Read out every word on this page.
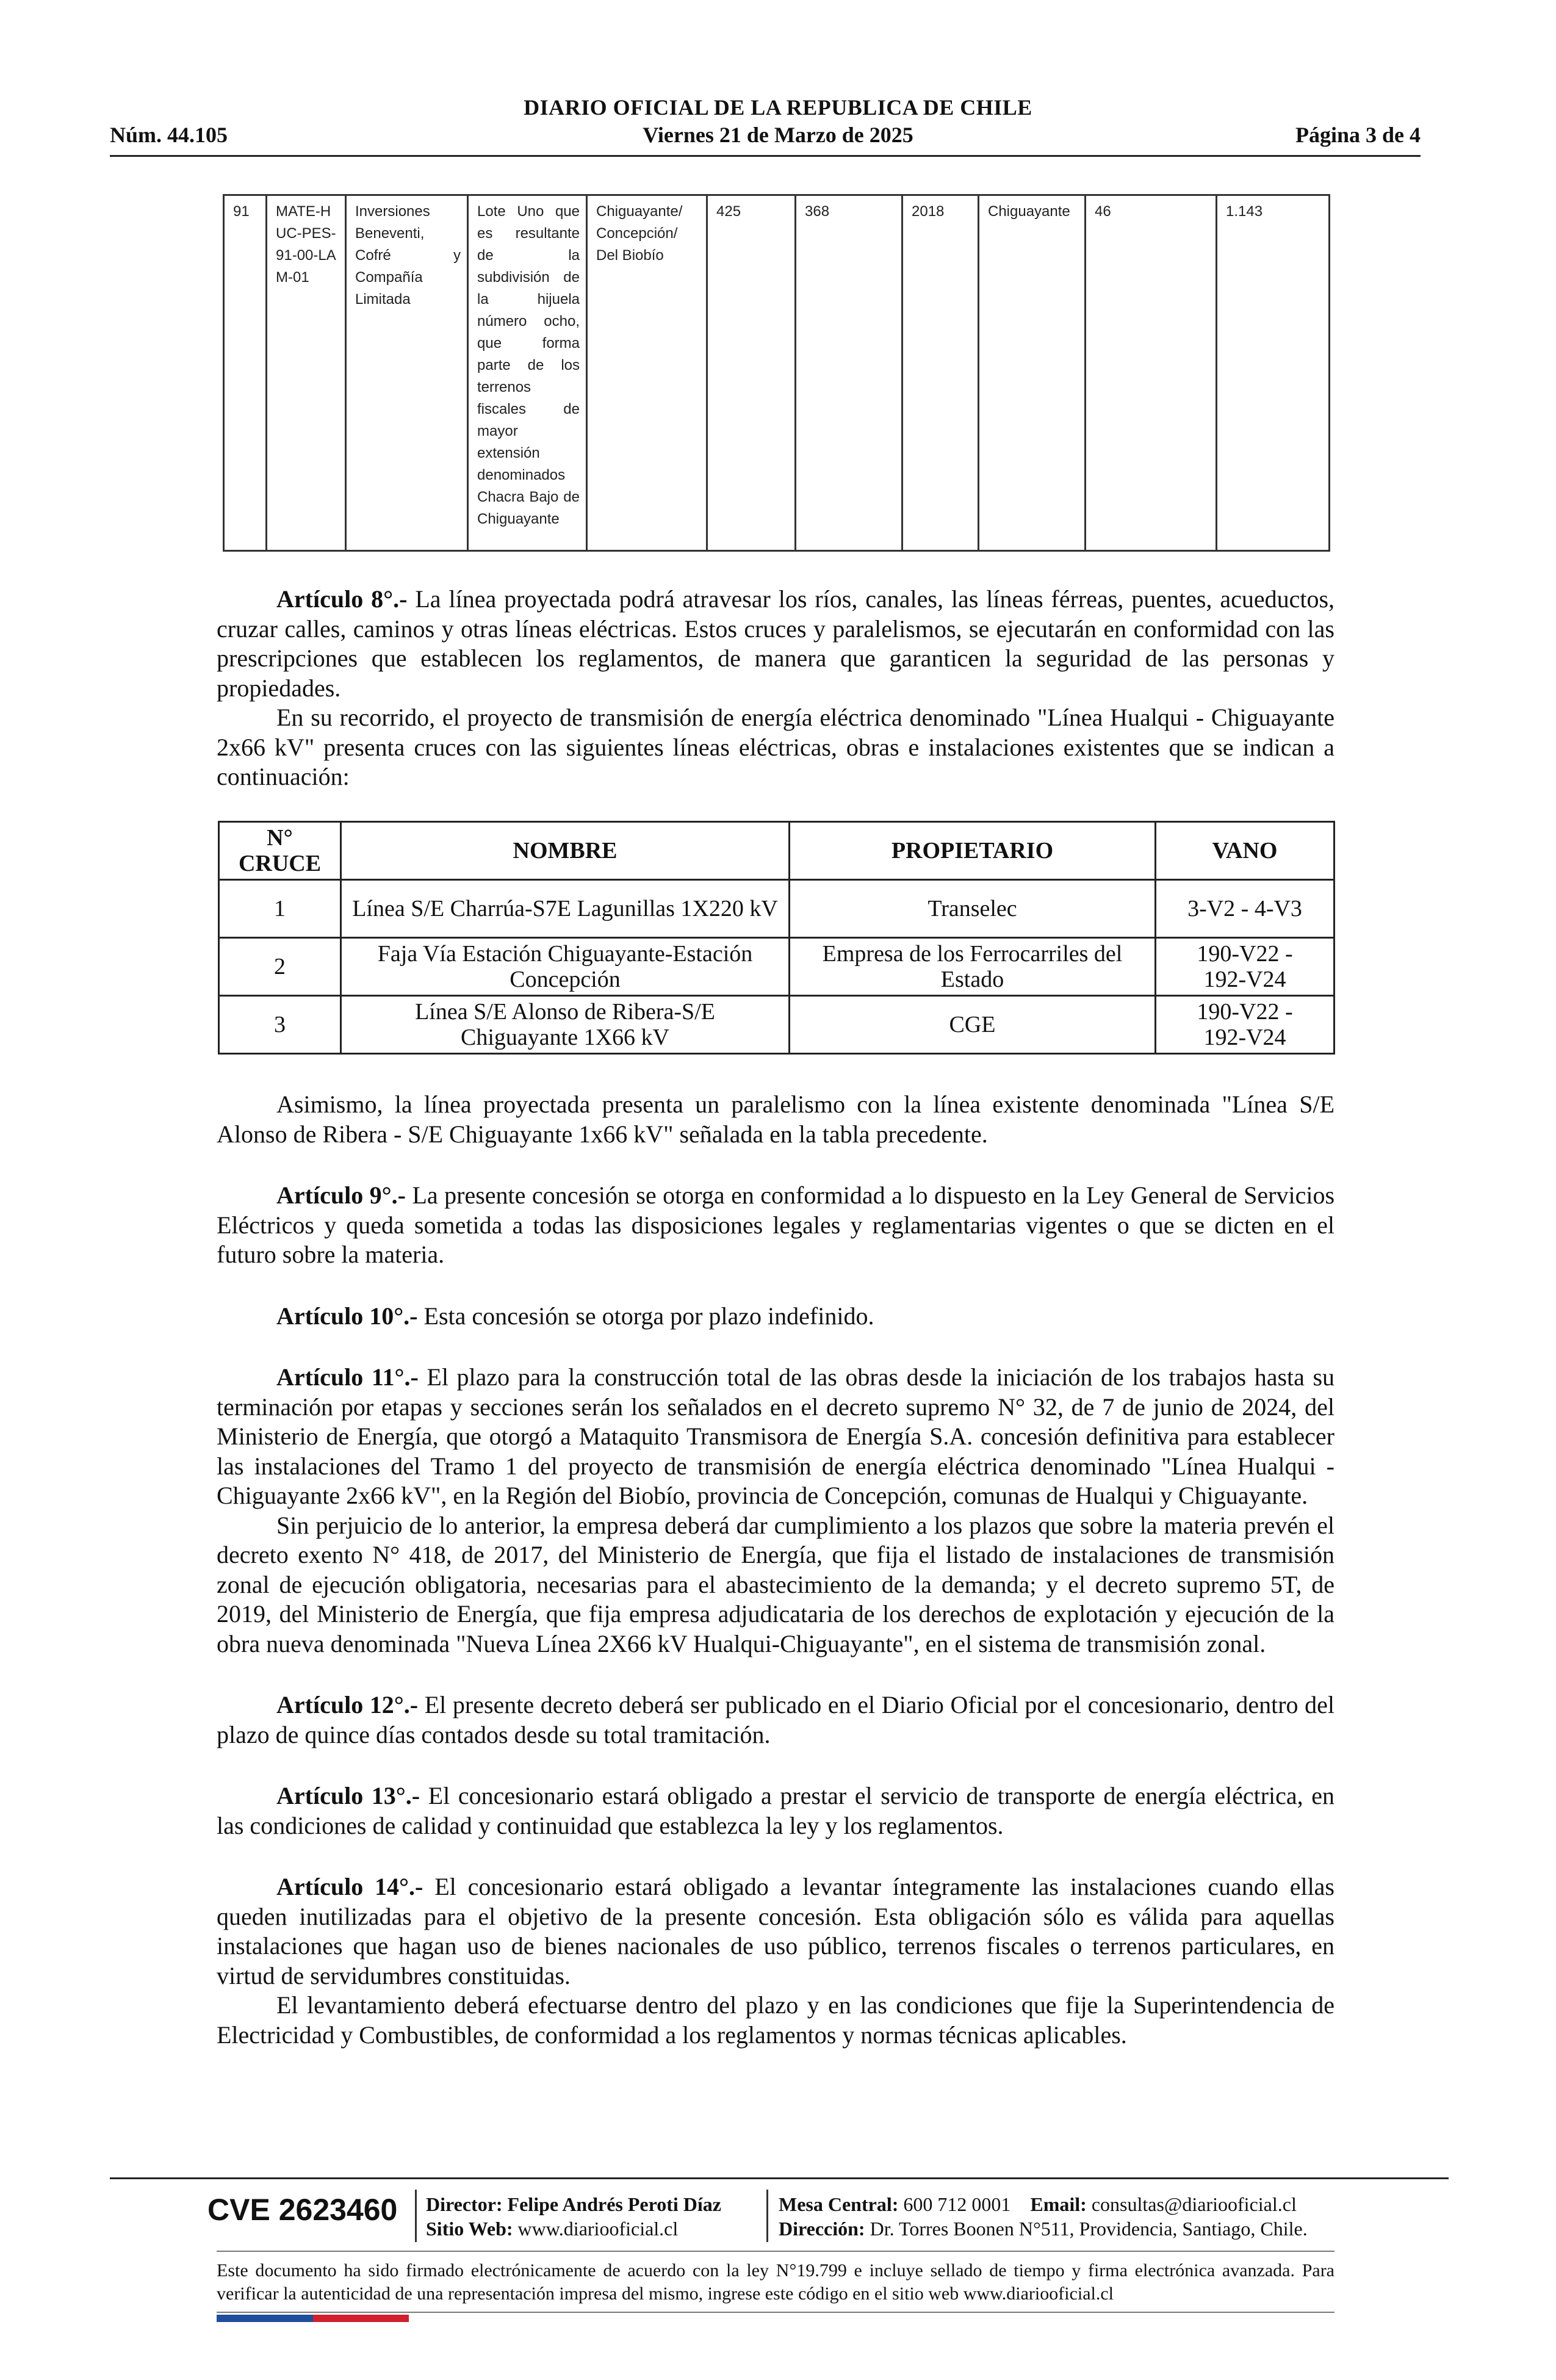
DIARIO OFICIAL DE LA REPUBLICA DE CHILE
Núm. 44.105	Viernes 21 de Marzo de 2025	Página 3 de 4
91	MATE-HUC-PES-91-00-LAM-01	Inversiones Beneventi, Cofré y Compañía Limitada	Lote Uno que es resultante de la subdivisión de la hijuela número ocho, que forma parte de los terrenos fiscales de mayor extensión denominados Chacra Bajo de Chiguayante	Chiguayante/ Concepción/ Del Biobío	425	368	2018	Chiguayante	46	1.143

Artículo 8°.- La línea proyectada podrá atravesar los ríos, canales, las líneas férreas, puentes, acueductos, cruzar calles, caminos y otras líneas eléctricas. Estos cruces y paralelismos, se ejecutarán en conformidad con las prescripciones que establecen los reglamentos, de manera que garanticen la seguridad de las personas y propiedades.

En su recorrido, el proyecto de transmisión de energía eléctrica denominado "Línea Hualqui - Chiguayante 2x66 kV" presenta cruces con las siguientes líneas eléctricas, obras e instalaciones existentes que se indican a continuación:

N° CRUCE	NOMBRE	PROPIETARIO	VANO
1	Línea S/E Charrúa-S7E Lagunillas 1X220 kV	Transelec	3-V2 - 4-V3
2	Faja Vía Estación Chiguayante-Estación Concepción	Empresa de los Ferrocarriles del Estado	190-V22 - 192-V24
3	Línea S/E Alonso de Ribera-S/E Chiguayante 1X66 kV	CGE	190-V22 - 192-V24

Asimismo, la línea proyectada presenta un paralelismo con la línea existente denominada "Línea S/E Alonso de Ribera - S/E Chiguayante 1x66 kV" señalada en la tabla precedente.

Artículo 9°.- La presente concesión se otorga en conformidad a lo dispuesto en la Ley General de Servicios Eléctricos y queda sometida a todas las disposiciones legales y reglamentarias vigentes o que se dicten en el futuro sobre la materia.

Artículo 10°.- Esta concesión se otorga por plazo indefinido.

Artículo 11°.- El plazo para la construcción total de las obras desde la iniciación de los trabajos hasta su terminación por etapas y secciones serán los señalados en el decreto supremo N° 32, de 7 de junio de 2024, del Ministerio de Energía, que otorgó a Mataquito Transmisora de Energía S.A. concesión definitiva para establecer las instalaciones del Tramo 1 del proyecto de transmisión de energía eléctrica denominado "Línea Hualqui - Chiguayante 2x66 kV", en la Región del Biobío, provincia de Concepción, comunas de Hualqui y Chiguayante.

Sin perjuicio de lo anterior, la empresa deberá dar cumplimiento a los plazos que sobre la materia prevén el decreto exento N° 418, de 2017, del Ministerio de Energía, que fija el listado de instalaciones de transmisión zonal de ejecución obligatoria, necesarias para el abastecimiento de la demanda; y el decreto supremo 5T, de 2019, del Ministerio de Energía, que fija empresa adjudicataria de los derechos de explotación y ejecución de la obra nueva denominada "Nueva Línea 2X66 kV Hualqui-Chiguayante", en el sistema de transmisión zonal.

Artículo 12°.- El presente decreto deberá ser publicado en el Diario Oficial por el concesionario, dentro del plazo de quince días contados desde su total tramitación.

Artículo 13°.- El concesionario estará obligado a prestar el servicio de transporte de energía eléctrica, en las condiciones de calidad y continuidad que establezca la ley y los reglamentos.

Artículo 14°.- El concesionario estará obligado a levantar íntegramente las instalaciones cuando ellas queden inutilizadas para el objetivo de la presente concesión. Esta obligación sólo es válida para aquellas instalaciones que hagan uso de bienes nacionales de uso público, terrenos fiscales o terrenos particulares, en virtud de servidumbres constituidas.

El levantamiento deberá efectuarse dentro del plazo y en las condiciones que fije la Superintendencia de Electricidad y Combustibles, de conformidad a los reglamentos y normas técnicas aplicables.

CVE 2623460 Director: Felipe Andrés Peroti Díaz
Sitio Web: www.diariooficial.cl
Mesa Central: 600 712 0001 Email: consultas@diariooficial.cl
Dirección: Dr. Torres Boonen N°511, Providencia, Santiago, Chile.
Este documento ha sido firmado electrónicamente de acuerdo con la ley N°19.799 e incluye sellado de tiempo y firma electrónica avanzada. Para verificar la autenticidad de una representación impresa del mismo, ingrese este código en el sitio web www.diariooficial.cl
